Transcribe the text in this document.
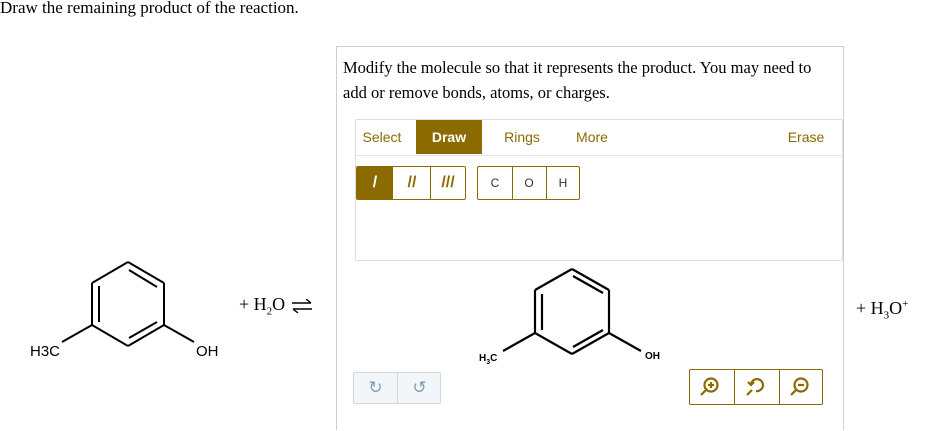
Draw the remaining product of the reaction.
H3C	OH
+ $H_2O$ ⇌
Modify the molecule so that it represents the product. You may need to add or remove bonds, atoms, or charges.
Select	Draw	Rings	More	Erase
/	//	///	C	O	H
$H_3C$	OH
↻	↺
+ $H_3O^+$
